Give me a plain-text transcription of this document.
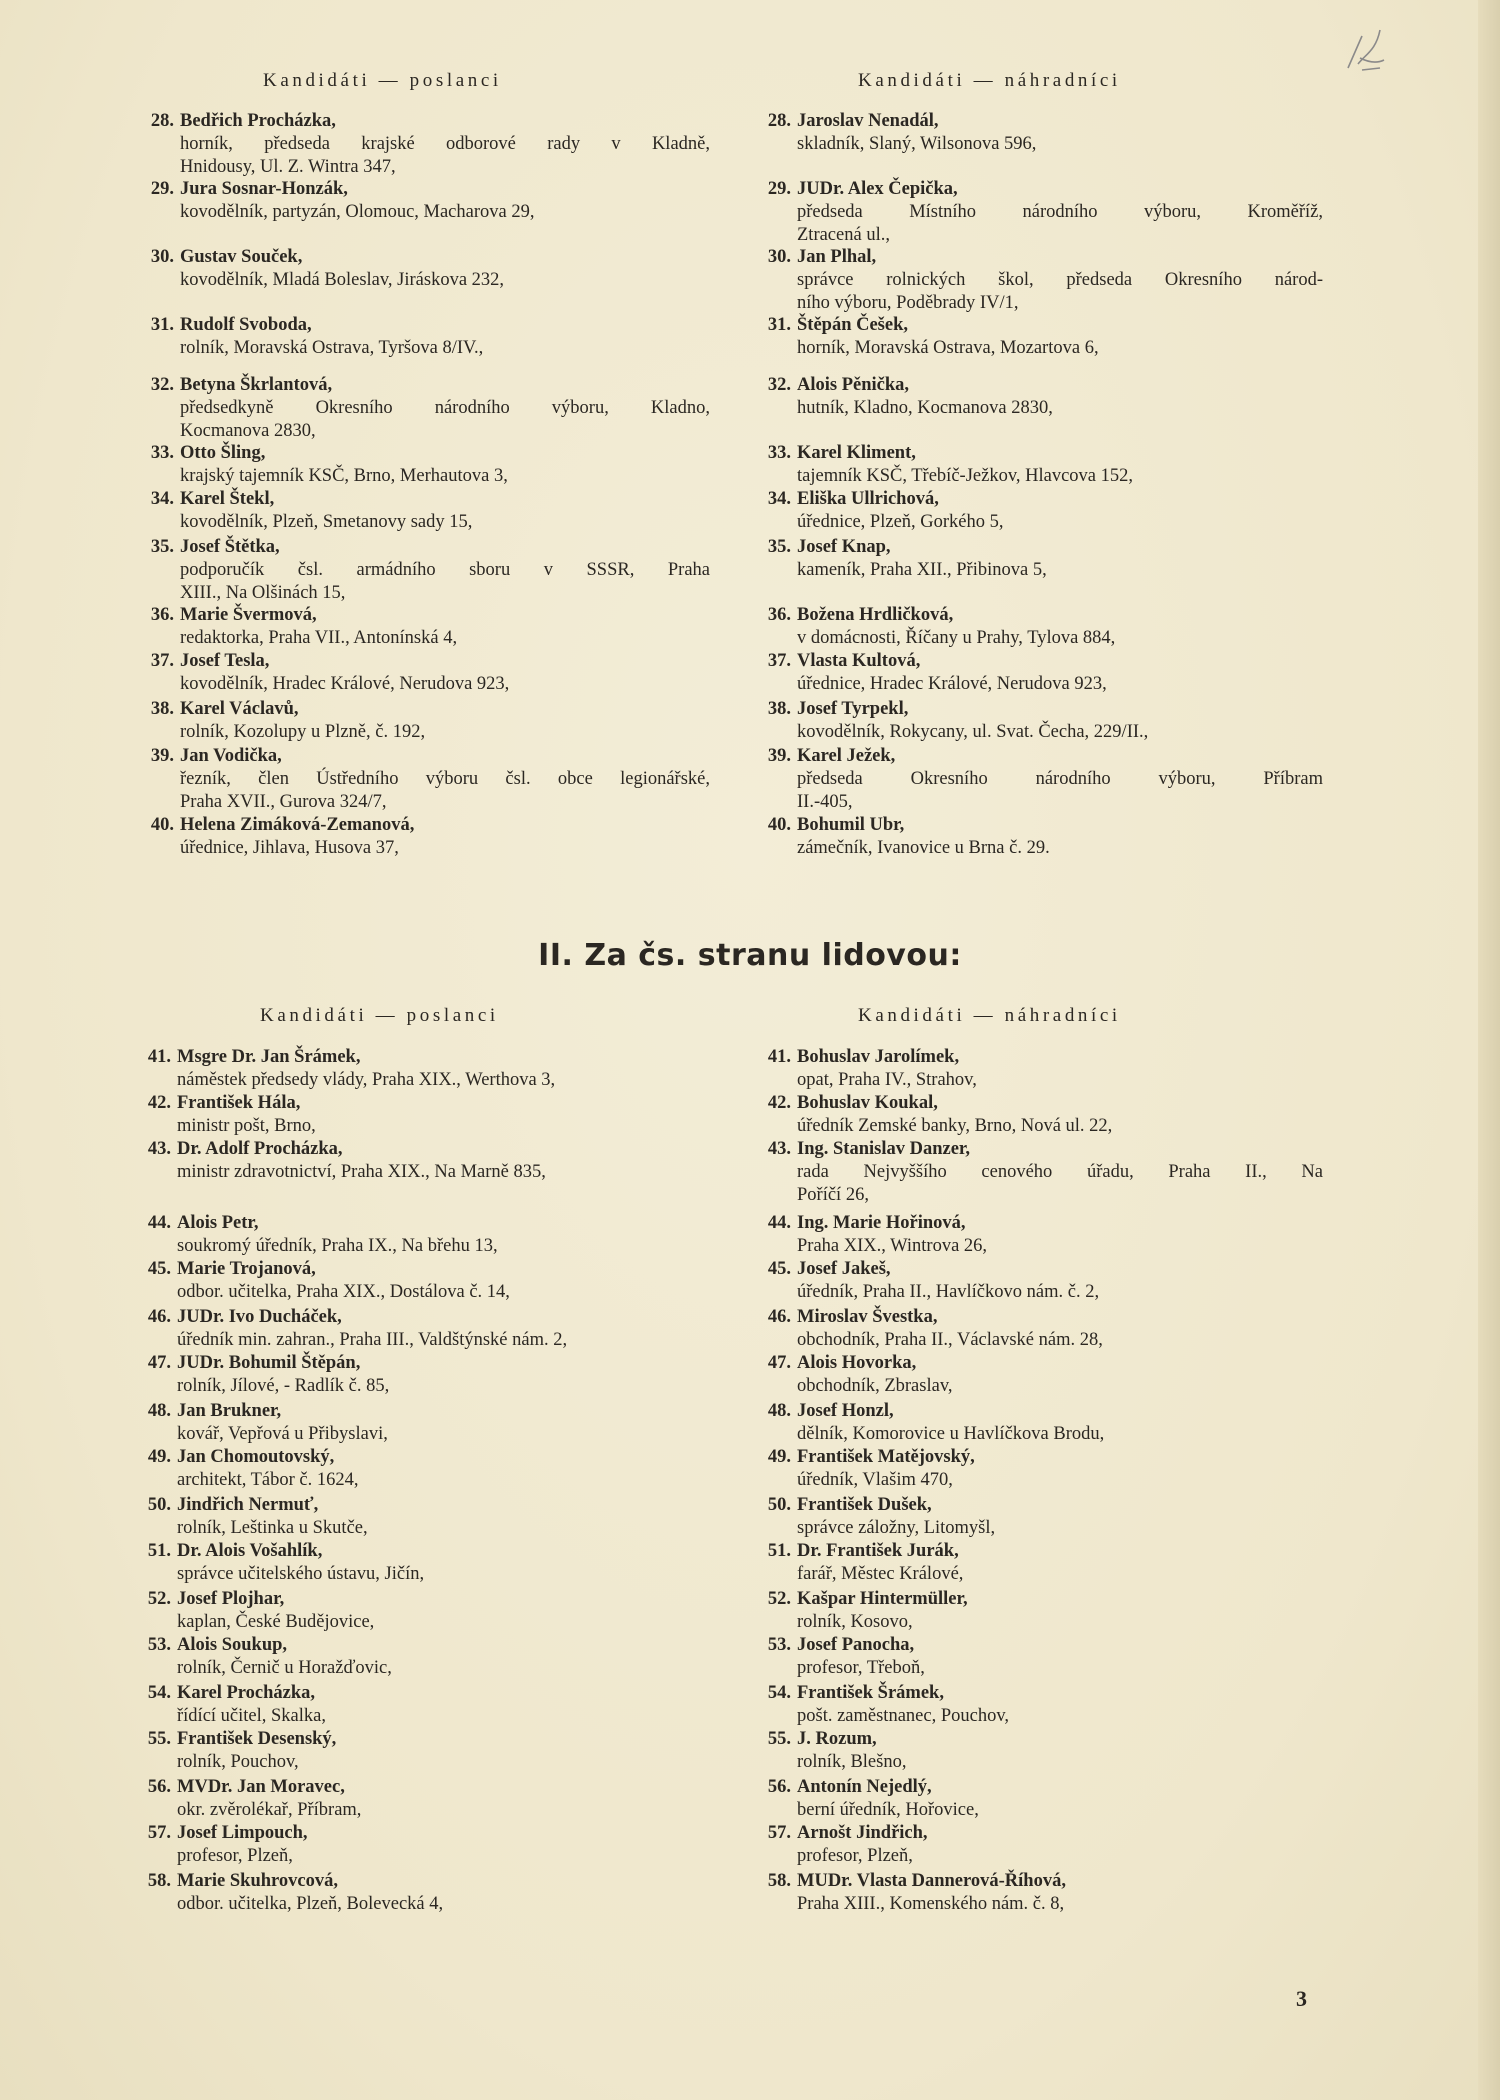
Kandidáti — poslanci	Kandidáti — náhradníci
II. Za čs. stranu lidovou:
Kandidáti — poslanci	Kandidáti — náhradníci
28. Bedřich Procházka,
horník, předseda krajské odborové rady v Kladně,
Hnidousy, Ul. Z. Wintra 347,
29. Jura Sosnar-Honzák,
kovodělník, partyzán, Olomouc, Macharova 29,
30. Gustav Souček,
kovodělník, Mladá Boleslav, Jiráskova 232,
31. Rudolf Svoboda,
rolník, Moravská Ostrava, Tyršova 8/IV.,
32. Betyna Škrlantová,
předsedkyně Okresního národního výboru, Kladno,
Kocmanova 2830,
33. Otto Šling,
krajský tajemník KSČ, Brno, Merhautova 3,
34. Karel Štekl,
kovodělník, Plzeň, Smetanovy sady 15,
35. Josef Štětka,
podporučík čsl. armádního sboru v SSSR, Praha
XIII., Na Olšinách 15,
36. Marie Švermová,
redaktorka, Praha VII., Antonínská 4,
37. Josef Tesla,
kovodělník, Hradec Králové, Nerudova 923,
38. Karel Václavů,
rolník, Kozolupy u Plzně, č. 192,
39. Jan Vodička,
řezník, člen Ústředního výboru čsl. obce legionářské,
Praha XVII., Gurova 324/7,
40. Helena Zimáková-Zemanová,
úřednice, Jihlava, Husova 37,
28. Jaroslav Nenadál,
skladník, Slaný, Wilsonova 596,
29. JUDr. Alex Čepička,
předseda Místního národního výboru, Kroměříž,
Ztracená ul.,
30. Jan Plhal,
správce rolnických škol, předseda Okresního národ-
ního výboru, Poděbrady IV/1,
31. Štěpán Češek,
horník, Moravská Ostrava, Mozartova 6,
32. Alois Pěnička,
hutník, Kladno, Kocmanova 2830,
33. Karel Kliment,
tajemník KSČ, Třebíč-Ježkov, Hlavcova 152,
34. Eliška Ullrichová,
úřednice, Plzeň, Gorkého 5,
35. Josef Knap,
kameník, Praha XII., Přibinova 5,
36. Božena Hrdličková,
v domácnosti, Říčany u Prahy, Tylova 884,
37. Vlasta Kultová,
úřednice, Hradec Králové, Nerudova 923,
38. Josef Tyrpekl,
kovodělník, Rokycany, ul. Svat. Čecha, 229/II.,
39. Karel Ježek,
předseda Okresního národního výboru, Příbram
II.-405,
40. Bohumil Ubr,
zámečník, Ivanovice u Brna č. 29.
41. Msgre Dr. Jan Šrámek,
náměstek předsedy vlády, Praha XIX., Werthova 3,
42. František Hála,
ministr pošt, Brno,
43. Dr. Adolf Procházka,
ministr zdravotnictví, Praha XIX., Na Marně 835,
44. Alois Petr,
soukromý úředník, Praha IX., Na břehu 13,
45. Marie Trojanová,
odbor. učitelka, Praha XIX., Dostálova č. 14,
46. JUDr. Ivo Ducháček,
úředník min. zahran., Praha III., Valdštýnské nám. 2,
47. JUDr. Bohumil Štěpán,
rolník, Jílové, - Radlík č. 85,
48. Jan Brukner,
kovář, Vepřová u Přibyslavi,
49. Jan Chomoutovský,
architekt, Tábor č. 1624,
50. Jindřich Nermuť,
rolník, Leštinka u Skutče,
51. Dr. Alois Vošahlík,
správce učitelského ústavu, Jičín,
52. Josef Plojhar,
kaplan, České Budějovice,
53. Alois Soukup,
rolník, Černič u Horažďovic,
54. Karel Procházka,
řídící učitel, Skalka,
55. František Desenský,
rolník, Pouchov,
56. MVDr. Jan Moravec,
okr. zvěrolékař, Příbram,
57. Josef Limpouch,
profesor, Plzeň,
58. Marie Skuhrovcová,
odbor. učitelka, Plzeň, Bolevecká 4,
41. Bohuslav Jarolímek,
opat, Praha IV., Strahov,
42. Bohuslav Koukal,
úředník Zemské banky, Brno, Nová ul. 22,
43. Ing. Stanislav Danzer,
rada Nejvyššího cenového úřadu, Praha II., Na
Poříčí 26,
44. Ing. Marie Hořinová,
Praha XIX., Wintrova 26,
45. Josef Jakeš,
úředník, Praha II., Havlíčkovo nám. č. 2,
46. Miroslav Švestka,
obchodník, Praha II., Václavské nám. 28,
47. Alois Hovorka,
obchodník, Zbraslav,
48. Josef Honzl,
dělník, Komorovice u Havlíčkova Brodu,
49. František Matějovský,
úředník, Vlašim 470,
50. František Dušek,
správce záložny, Litomyšl,
51. Dr. František Jurák,
farář, Městec Králové,
52. Kašpar Hintermüller,
rolník, Kosovo,
53. Josef Panocha,
profesor, Třeboň,
54. František Šrámek,
pošt. zaměstnanec, Pouchov,
55. J. Rozum,
rolník, Blešno,
56. Antonín Nejedlý,
berní úředník, Hořovice,
57. Arnošt Jindřich,
profesor, Plzeň,
58. MUDr. Vlasta Dannerová-Říhová,
Praha XIII., Komenského nám. č. 8,
3
